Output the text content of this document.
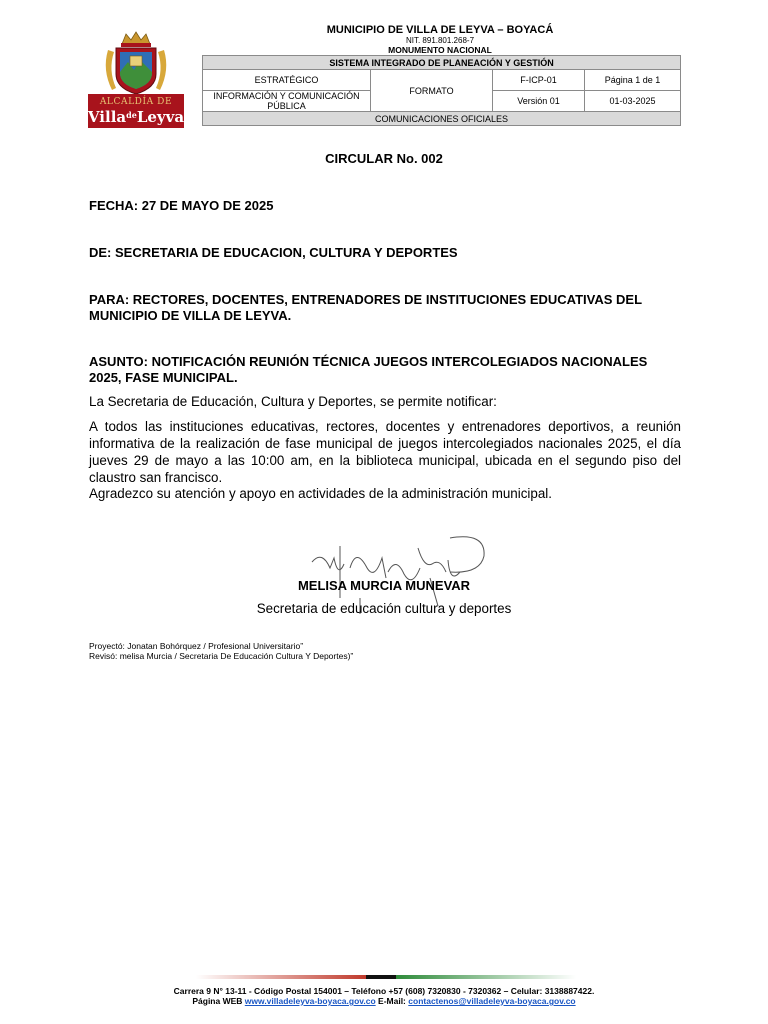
ALCALDÍA DE
Villa$^{de}$Leyva
MUNICIPIO DE VILLA DE LEYVA – BOYACÁ
NIT. 891.801.268-7
MONUMENTO NACIONAL
SISTEMA INTEGRADO DE PLANEACIÓN Y GESTIÓN			
ESTRATÉGICO	FORMATO	F-ICP-01	Página 1 de 1
INFORMACIÓN Y COMUNICACIÓN PÚBLICA		Versión 01	01-03-2025
COMUNICACIONES OFICIALES			
CIRCULAR No. 002
FECHA: 27 DE MAYO DE 2025
DE: SECRETARIA DE EDUCACION, CULTURA Y DEPORTES
PARA: RECTORES, DOCENTES, ENTRENADORES DE INSTITUCIONES EDUCATIVAS DEL MUNICIPIO DE VILLA DE LEYVA.
ASUNTO: NOTIFICACIÓN REUNIÓN TÉCNICA JUEGOS INTERCOLEGIADOS NACIONALES 2025, FASE MUNICIPAL.
La Secretaria de Educación, Cultura y Deportes, se permite notificar:
A todos las instituciones educativas, rectores, docentes y entrenadores deportivos, a reunión informativa de la realización de fase municipal de juegos intercolegiados nacionales 2025, el día jueves 29 de mayo a las 10:00 am, en la biblioteca municipal, ubicada en el segundo piso del claustro san francisco.
Agradezco su atención y apoyo en actividades de la administración municipal.
MELISA MURCIA MUNEVAR
Secretaria de educación cultura y deportes
Proyectó: Jonatan Bohórquez / Profesional Universitario”
Revisó: melisa Murcia / Secretaria De Educación Cultura Y Deportes)”
Carrera 9 N° 13-11 - Código Postal 154001 – Teléfono +57 (608) 7320830 - 7320362 – Celular: 3138887422.
Página WEB www.villadeleyva-boyaca.gov.co E-Mail: contactenos@villadeleyva-boyaca.gov.co
